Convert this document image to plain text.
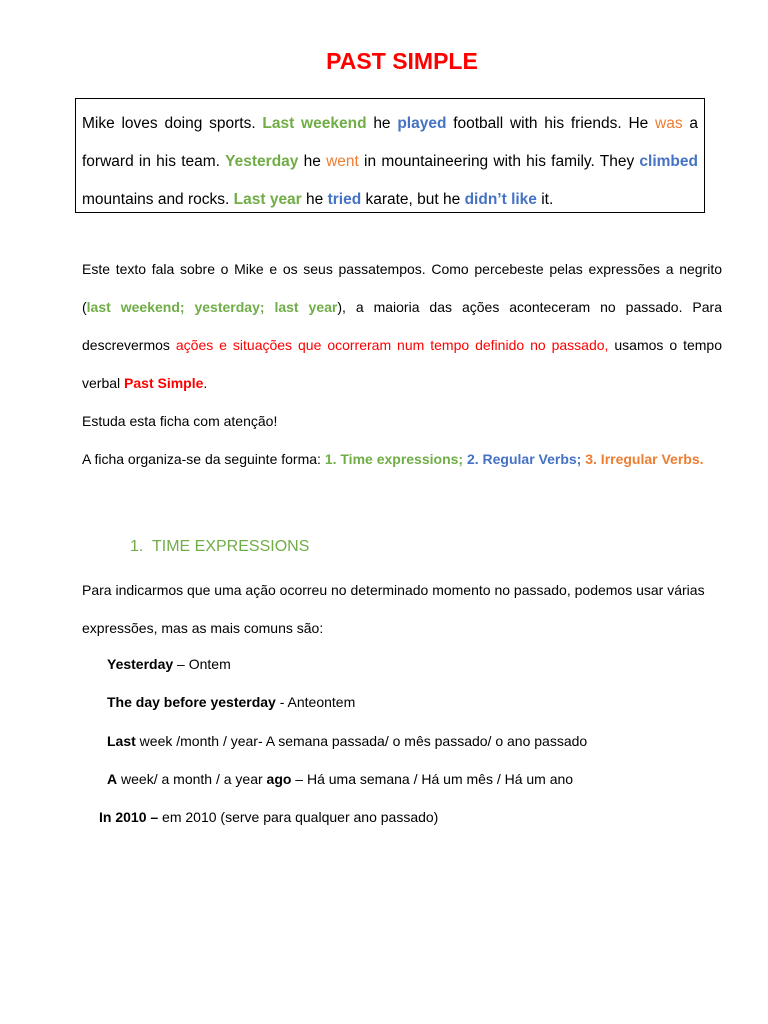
PAST SIMPLE
Mike loves doing sports. Last weekend he played football with his friends. He was a forward in his team. Yesterday he went in mountaineering with his family. They climbed mountains and rocks. Last year he tried karate, but he didn’t like it.

Este texto fala sobre o Mike e os seus passatempos. Como percebeste pelas expressões a negrito (last weekend; yesterday; last year), a maioria das ações aconteceram no passado. Para descrevermos ações e situações que ocorreram num tempo definido no passado, usamos o tempo verbal Past Simple.

Estuda esta ficha com atenção!

A ficha organiza-se da seguinte forma: 1. Time expressions; 2. Regular Verbs; 3. Irregular Verbs.

1. TIME EXPRESSIONS

Para indicarmos que uma ação ocorreu no determinado momento no passado, podemos usar várias expressões, mas as mais comuns são:

Yesterday – Ontem

The day before yesterday - Anteontem

Last week /month / year- A semana passada/ o mês passado/ o ano passado

A week/ a month / a year ago – Há uma semana / Há um mês / Há um ano

In 2010 – em 2010 (serve para qualquer ano passado)
